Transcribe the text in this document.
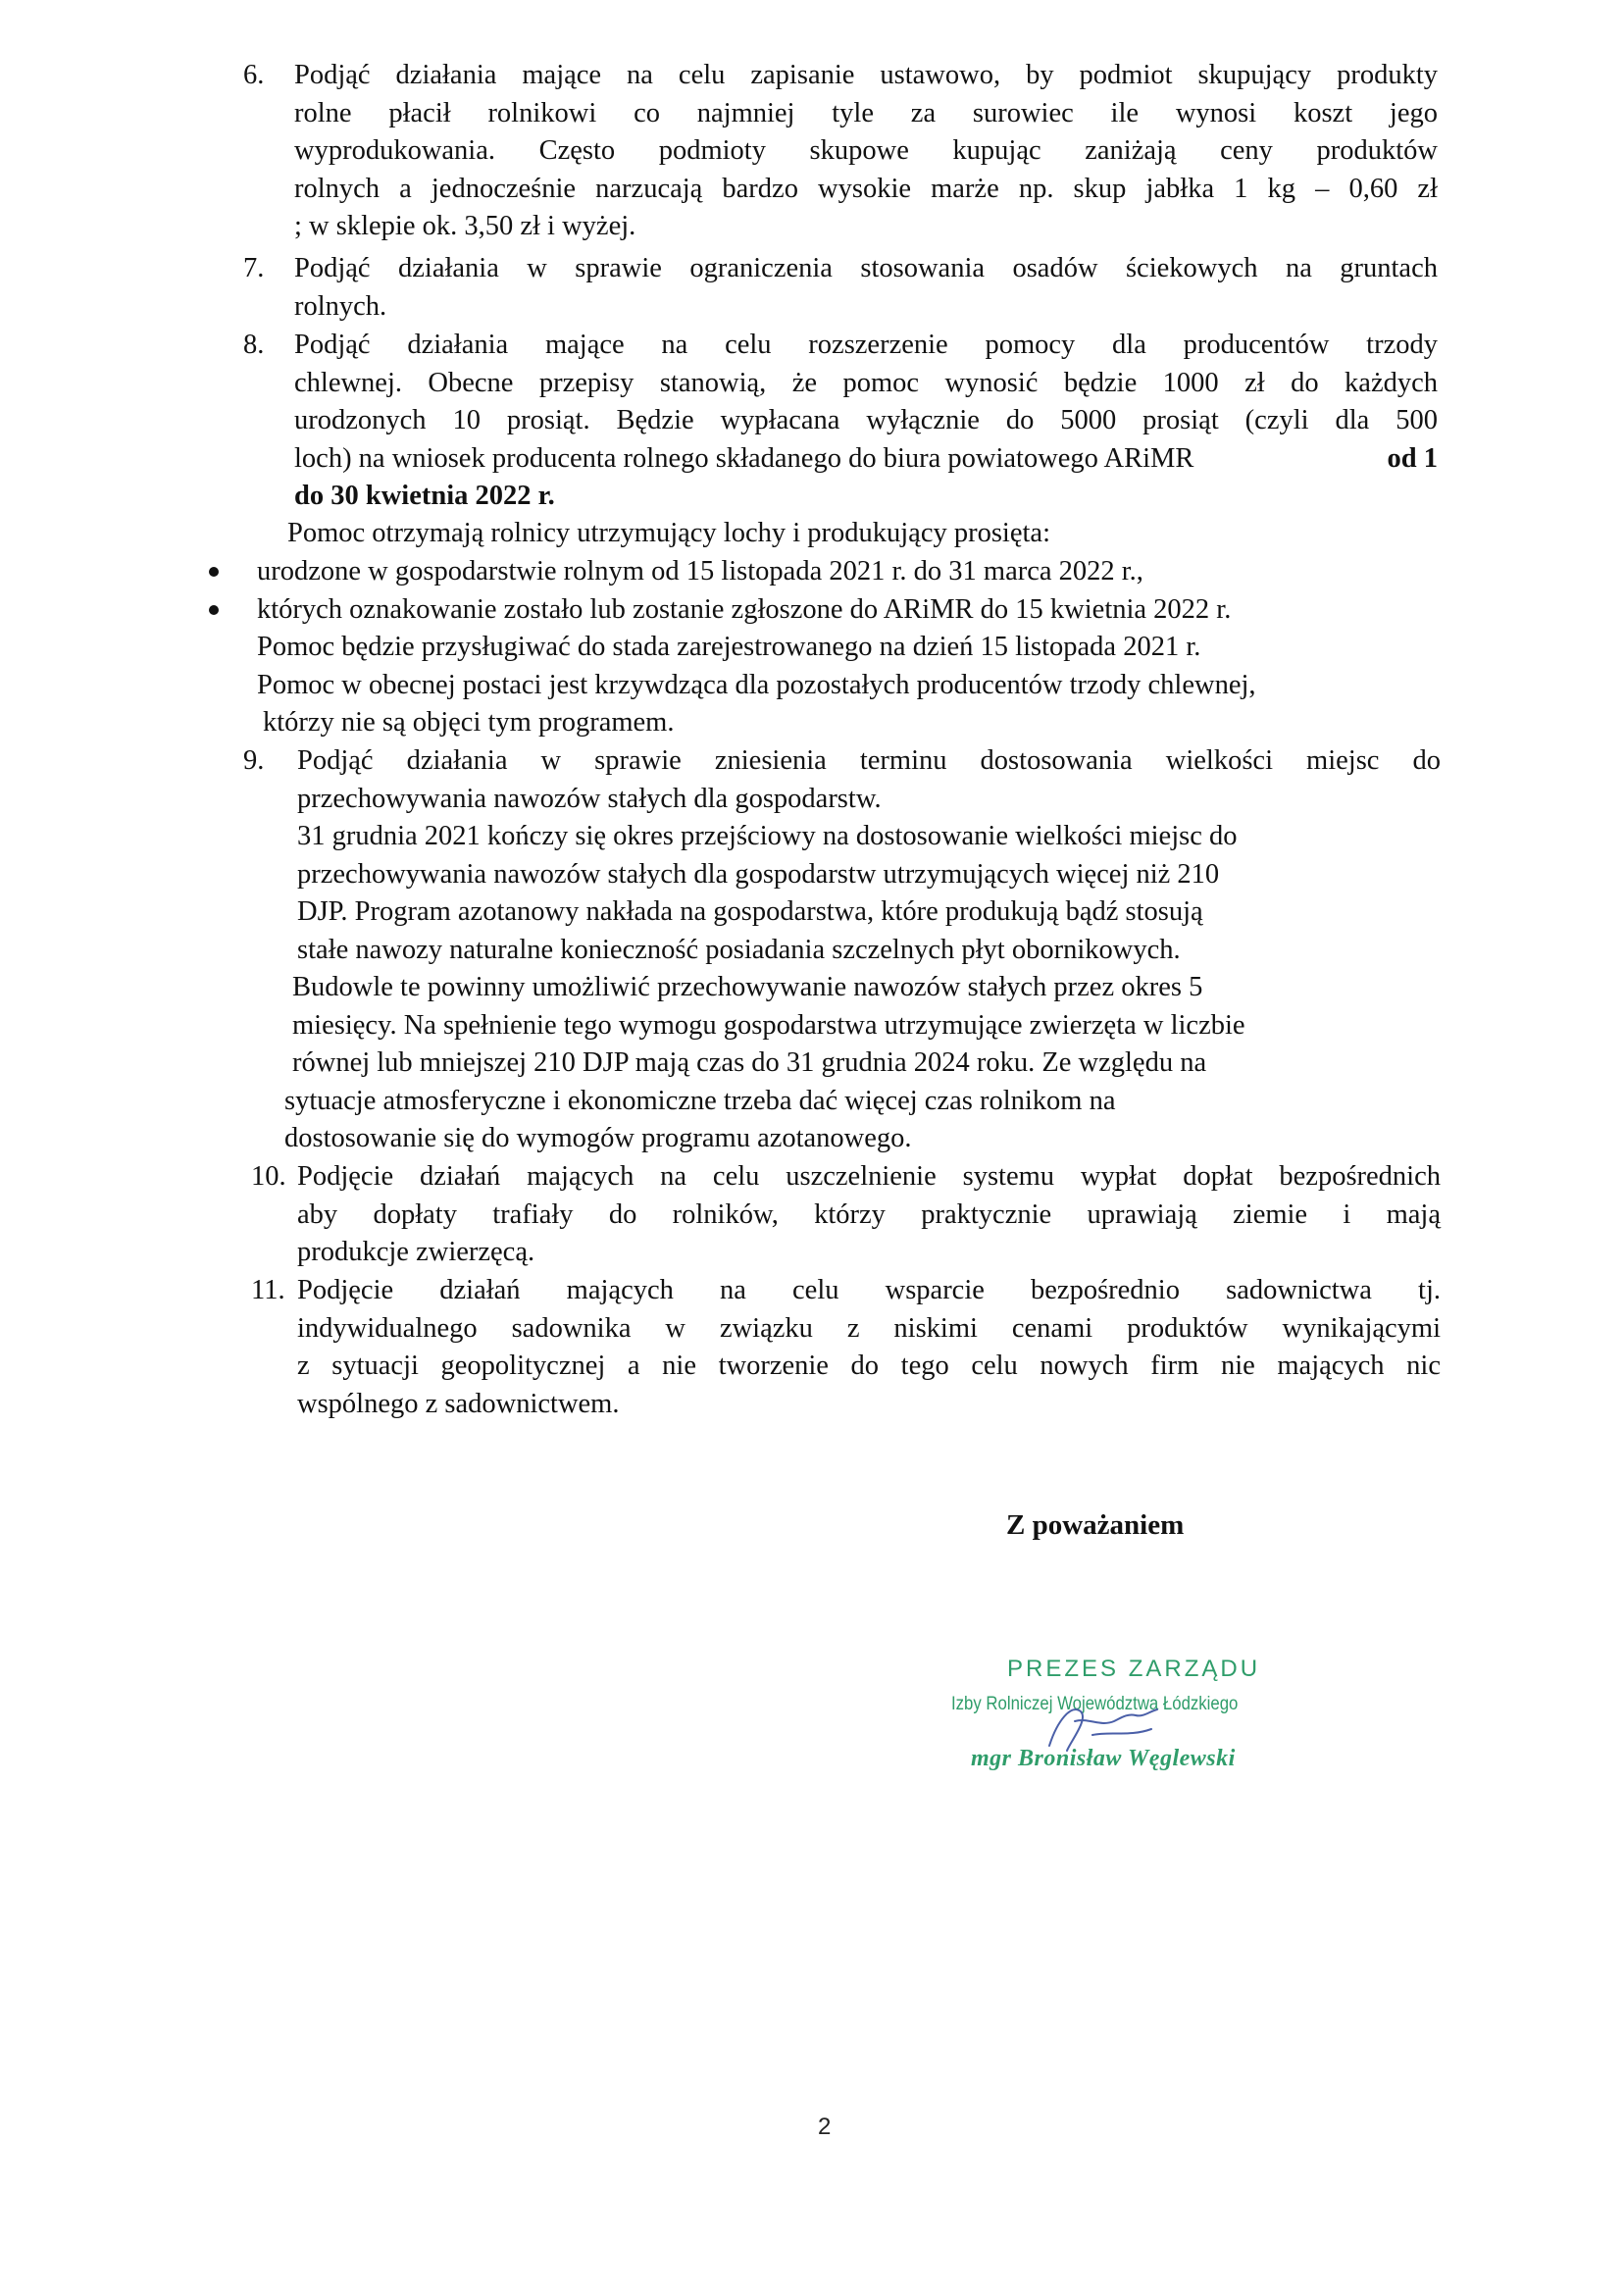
6. Podjąć działania mające na celu zapisanie ustawowo, by podmiot skupujący produkty
rolne płacił rolnikowi co najmniej tyle za surowiec ile wynosi koszt jego
wyprodukowania. Często podmioty skupowe kupując zaniżają ceny produktów
rolnych a jednocześnie narzucają bardzo wysokie marże np. skup jabłka 1 kg – 0,60 zł
; w sklepie ok. 3,50 zł i wyżej.
7. Podjąć działania w sprawie ograniczenia stosowania osadów ściekowych na gruntach
rolnych.
8. Podjąć działania mające na celu rozszerzenie pomocy dla producentów trzody
chlewnej. Obecne przepisy stanowią, że pomoc wynosić będzie 1000 zł do każdych
urodzonych 10 prosiąt. Będzie wypłacana wyłącznie do 5000 prosiąt (czyli dla 500
loch) na wniosek producenta rolnego składanego do biura powiatowego ARiMR	od 1
do 30 kwietnia 2022 r.
Pomoc otrzymają rolnicy utrzymujący lochy i produkujący prosięta:
urodzone w gospodarstwie rolnym od 15 listopada 2021 r. do 31 marca 2022 r.,
których oznakowanie zostało lub zostanie zgłoszone do ARiMR do 15 kwietnia 2022 r.
Pomoc będzie przysługiwać do stada zarejestrowanego na dzień 15 listopada 2021 r.
Pomoc w obecnej postaci jest krzywdząca dla pozostałych producentów trzody chlewnej,
którzy nie są objęci tym programem.
9. Podjąć działania w sprawie zniesienia terminu dostosowania wielkości miejsc do
przechowywania nawozów stałych dla gospodarstw.
31 grudnia 2021 kończy się okres przejściowy na dostosowanie wielkości miejsc do
przechowywania nawozów stałych dla gospodarstw utrzymujących więcej niż 210
DJP. Program azotanowy nakłada na gospodarstwa, które produkują bądź stosują
stałe nawozy naturalne konieczność posiadania szczelnych płyt obornikowych.
Budowle te powinny umożliwić przechowywanie nawozów stałych przez okres 5
miesięcy. Na spełnienie tego wymogu gospodarstwa utrzymujące zwierzęta w liczbie
równej lub mniejszej 210 DJP mają czas do 31 grudnia 2024 roku. Ze względu na
sytuacje atmosferyczne i ekonomiczne trzeba dać więcej czas rolnikom na
dostosowanie się do wymogów programu azotanowego.
10. Podjęcie działań mających na celu uszczelnienie systemu wypłat dopłat bezpośrednich
aby dopłaty trafiały do rolników, którzy praktycznie uprawiają ziemie i mają
produkcje zwierzęcą.
11. Podjęcie działań mających na celu wsparcie bezpośrednio sadownictwa tj.
indywidualnego sadownika w związku z niskimi cenami produktów wynikającymi
z sytuacji geopolitycznej a nie tworzenie do tego celu nowych firm nie mających nic
wspólnego z sadownictwem.
Z poważaniem
PREZES ZARZĄDU
Izby Rolniczej Województwa Łódzkiego
mgr Bronisław Węglewski
2
